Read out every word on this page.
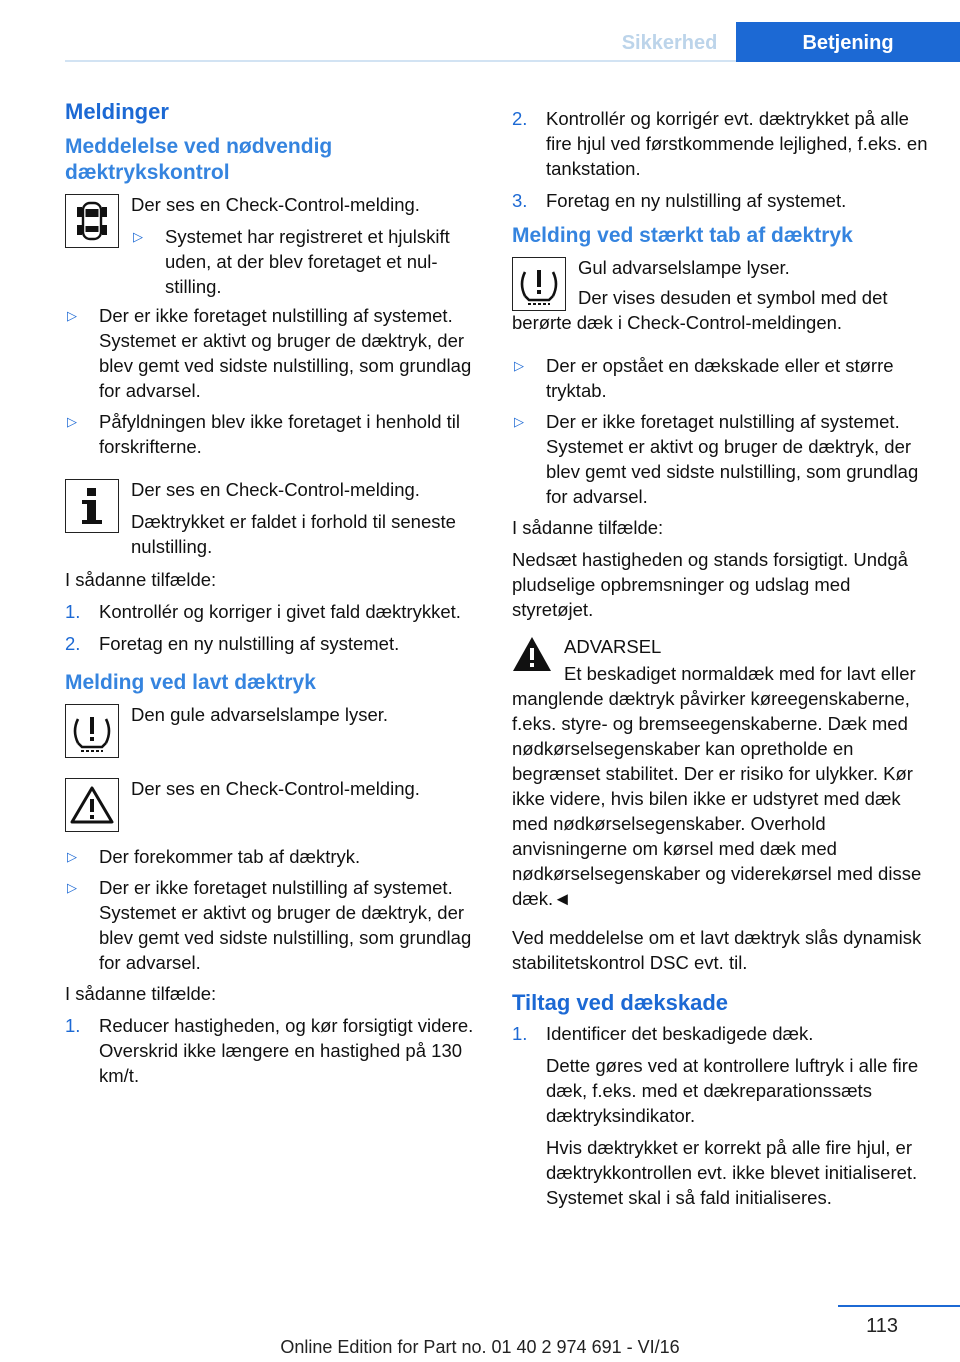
Sikkerhed	Betjening
Meldinger
Meddelelse ved nødvendig dæktrykskontrol

Der ses en Check-Control-melding.

▷ Systemet har registreret et hjulskift uden, at der blev foretaget et nulstilling.
▷ Der er ikke foretaget nulstilling af systemet. Systemet er aktivt og bruger de dæktryk, der blev gemt ved sidste nulstilling, som grundlag for advarsel.
▷ Påfyldningen blev ikke foretaget i henhold til forskrifterne.

Der ses en Check-Control-melding.

Dæktrykket er faldet i forhold til seneste nulstilling.

I sådanne tilfælde:

1. Kontrollér og korriger i givet fald dæktrykket.
2. Foretag en ny nulstilling af systemet.
Melding ved lavt dæktryk

Den gule advarselslampe lyser.

Der ses en Check-Control-melding.

▷ Der forekommer tab af dæktryk.
▷ Der er ikke foretaget nulstilling af systemet. Systemet er aktivt og bruger de dæktryk, der blev gemt ved sidste nulstilling, som grundlag for advarsel.

I sådanne tilfælde:

1. Reducer hastigheden, og kør forsigtigt videre. Overskrid ikke længere en hastighed på 130 km/t.
2. Kontrollér og korrigér evt. dæktrykket på alle fire hjul ved førstkommende lejlighed, f.eks. en tankstation.
3. Foretag en ny nulstilling af systemet.
Melding ved stærkt tab af dæktryk

Gul advarselslampe lyser.

Der vises desuden et symbol med det berørte dæk i Check-Control-meldingen.

▷ Der er opstået en dækskade eller et større tryktab.
▷ Der er ikke foretaget nulstilling af systemet. Systemet er aktivt og bruger de dæktryk, der blev gemt ved sidste nulstilling, som grundlag for advarsel.

I sådanne tilfælde:

Nedsæt hastigheden og stands forsigtigt. Undgå pludselige opbremsninger og udslag med styretøjet.

ADVARSEL

Et beskadiget normaldæk med for lavt eller manglende dæktryk påvirker køreegenskaberne, f.eks. styre- og bremseegenskaberne. Dæk med nødkørselsegenskaber kan opretholde en begrænset stabilitet. Der er risiko for ulykker. Kør ikke videre, hvis bilen ikke er udstyret med dæk med nødkørselsegenskaber. Overhold anvisningerne om kørsel med dæk med nødkørselsegenskaber og viderekørsel med disse dæk.◄

Ved meddelelse om et lavt dæktryk slås dynamisk stabilitetskontrol DSC evt. til.

Tiltag ved dækskade
1. Identificer det beskadigede dæk.

Dette gøres ved at kontrollere luftryk i alle fire dæk, f.eks. med et dækreparationssæts dæktryksindikator.

Hvis dæktrykket er korrekt på alle fire hjul, er dæktrykkontrollen evt. ikke blevet initialiseret. Systemet skal i så fald initialiseres.

113
Online Edition for Part no. 01 40 2 974 691 - VI/16
